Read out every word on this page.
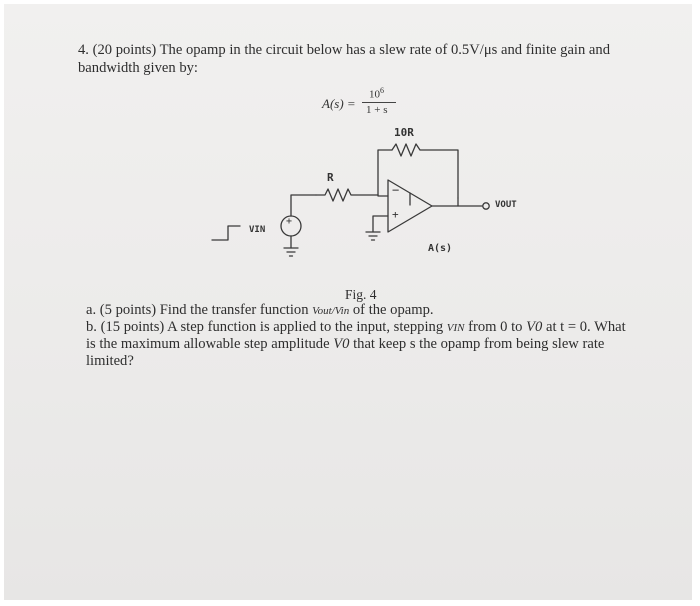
4. (20 points) The opamp in the circuit below has a slew rate of 0.5V/μs and finite gain and
bandwidth given by:
A(s) =
$10^6$
1 + s
10R
R
VIN
VOUT
A(s)
−
+
+
Fig. 4
a. (5 points) Find the transfer function Vout/Vin of the opamp.
b. (15 points) A step function is applied to the input, stepping VIN from 0 to V0 at t = 0. What
is the maximum allowable step amplitude V0 that keep s the opamp from being slew rate
limited?
